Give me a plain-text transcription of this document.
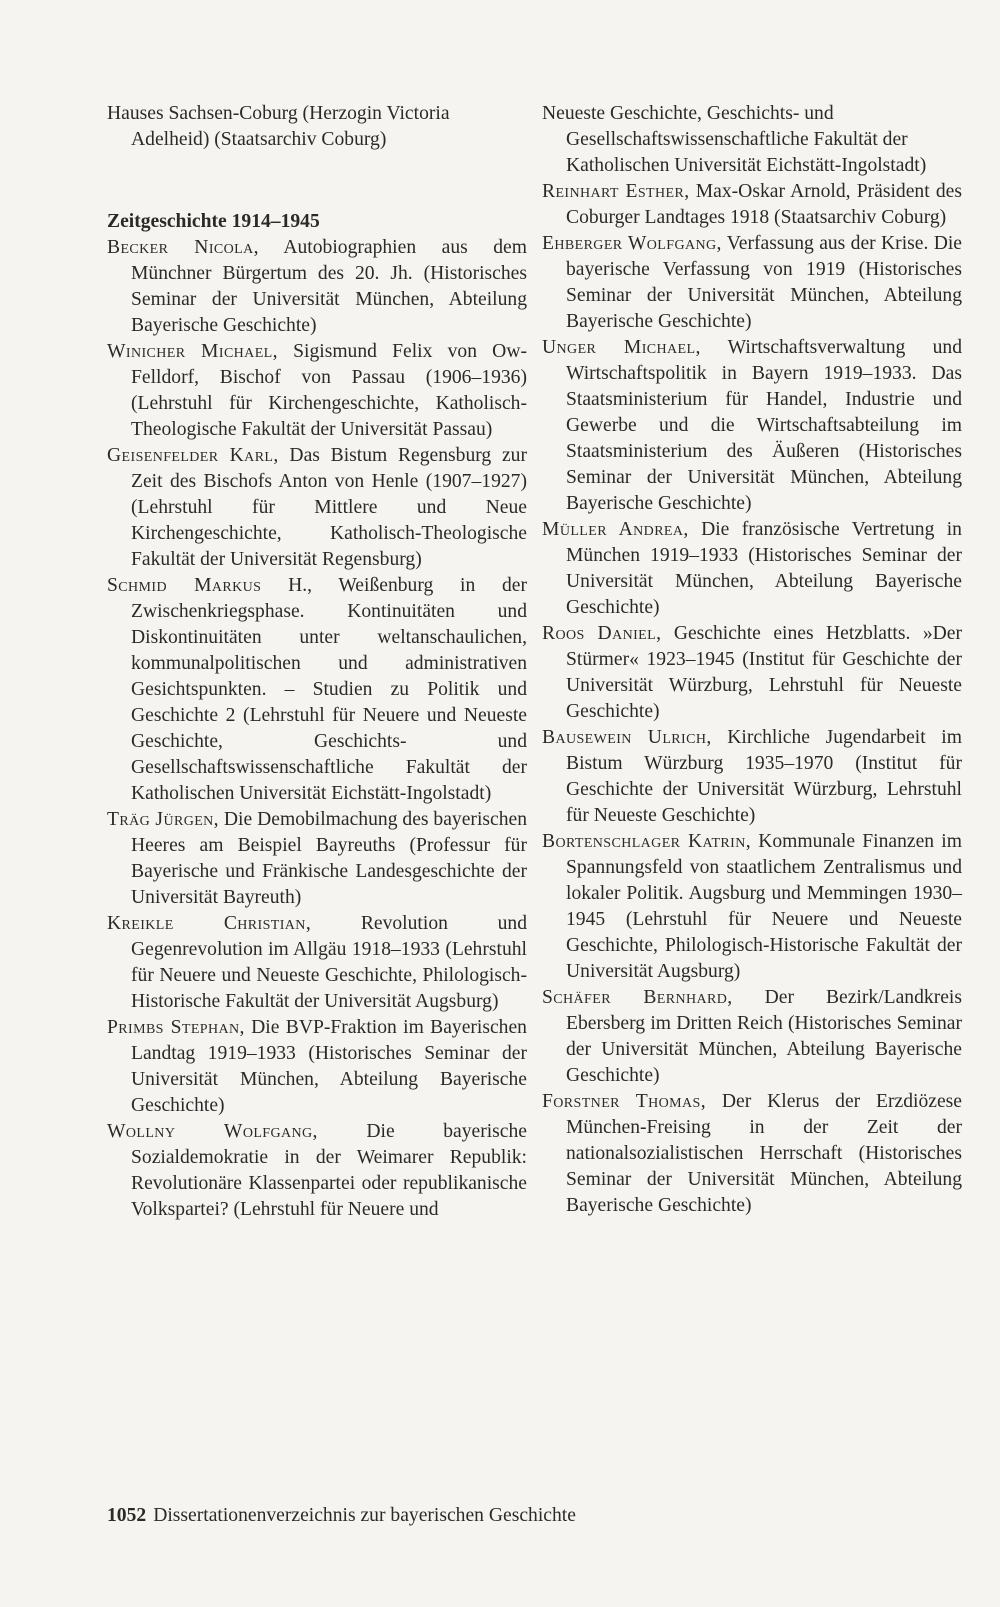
Hauses Sachsen-Coburg (Herzogin Victoria Adelheid) (Staatsarchiv Coburg)

Zeitgeschichte 1914–1945

Becker Nicola, Autobiographien aus dem Münchner Bürgertum des 20. Jh. (Historisches Seminar der Universität München, Abteilung Bayerische Geschichte)

Winicher Michael, Sigismund Felix von Ow-Felldorf, Bischof von Passau (1906–1936) (Lehrstuhl für Kirchengeschichte, Katholisch-Theologische Fakultät der Universität Passau)

Geisenfelder Karl, Das Bistum Regensburg zur Zeit des Bischofs Anton von Henle (1907–1927) (Lehrstuhl für Mittlere und Neue Kirchengeschichte, Katholisch-Theologische Fakultät der Universität Regensburg)

Schmid Markus H., Weißenburg in der Zwischenkriegsphase. Kontinuitäten und Diskontinuitäten unter weltanschaulichen, kommunalpolitischen und administrativen Gesichtspunkten. – Studien zu Politik und Geschichte 2 (Lehrstuhl für Neuere und Neueste Geschichte, Geschichts- und Gesellschaftswissenschaftliche Fakultät der Katholischen Universität Eichstätt-Ingolstadt)

Träg Jürgen, Die Demobilmachung des bayerischen Heeres am Beispiel Bayreuths (Professur für Bayerische und Fränkische Landesgeschichte der Universität Bayreuth)

Kreikle Christian,	Revolution und Gegenrevolution im Allgäu 1918–1933 (Lehrstuhl für Neuere und Neueste Geschichte, Philologisch-Historische Fakultät der Universität Augsburg)

Primbs Stephan, Die BVP-Fraktion im Bayerischen Landtag 1919–1933 (Historisches Seminar der Universität München, Abteilung Bayerische Geschichte)

Wollny Wolfgang, Die bayerische Sozialdemokratie in der Weimarer Republik: Revolutionäre Klassenpartei oder republikanische Volkspartei? (Lehrstuhl für Neuere und

Neueste Geschichte, Geschichts- und Gesellschaftswissenschaftliche Fakultät der Katholischen Universität Eichstätt-Ingolstadt)

Reinhart Esther, Max-Oskar Arnold, Präsident des Coburger Landtages 1918 (Staatsarchiv Coburg)

Ehberger Wolfgang, Verfassung aus der Krise. Die bayerische Verfassung von 1919 (Historisches Seminar der Universität München, Abteilung Bayerische Geschichte)

Unger Michael, Wirtschaftsverwaltung und Wirtschaftspolitik in Bayern 1919–1933. Das Staatsministerium für Handel, Industrie und Gewerbe und die Wirtschaftsabteilung im Staatsministerium des Äußeren (Historisches Seminar der Universität München, Abteilung Bayerische Geschichte)

Müller Andrea, Die französische Vertretung in München 1919–1933 (Historisches Seminar der Universität München, Abteilung Bayerische Geschichte)

Roos Daniel, Geschichte eines Hetzblatts. »Der Stürmer« 1923–1945 (Institut für Geschichte der Universität Würzburg, Lehrstuhl für Neueste Geschichte)

Bausewein Ulrich, Kirchliche Jugendarbeit im Bistum Würzburg 1935–1970 (Institut für Geschichte der Universität Würzburg, Lehrstuhl für Neueste Geschichte)

Bortenschlager Katrin, Kommunale Finanzen im Spannungsfeld von staatlichem Zentralismus und lokaler Politik. Augsburg und Memmingen 1930–1945 (Lehrstuhl für Neuere und Neueste Geschichte, Philologisch-Historische Fakultät der Universität Augsburg)

Schäfer Bernhard, Der Bezirk/Landkreis Ebersberg im Dritten Reich (Historisches Seminar der Universität München, Abteilung Bayerische Geschichte)

Forstner Thomas, Der Klerus der Erzdiözese München-Freising in der Zeit der nationalsozialistischen Herrschaft (Historisches Seminar der Universität München, Abteilung Bayerische Geschichte)

1052 Dissertationenverzeichnis zur bayerischen Geschichte
